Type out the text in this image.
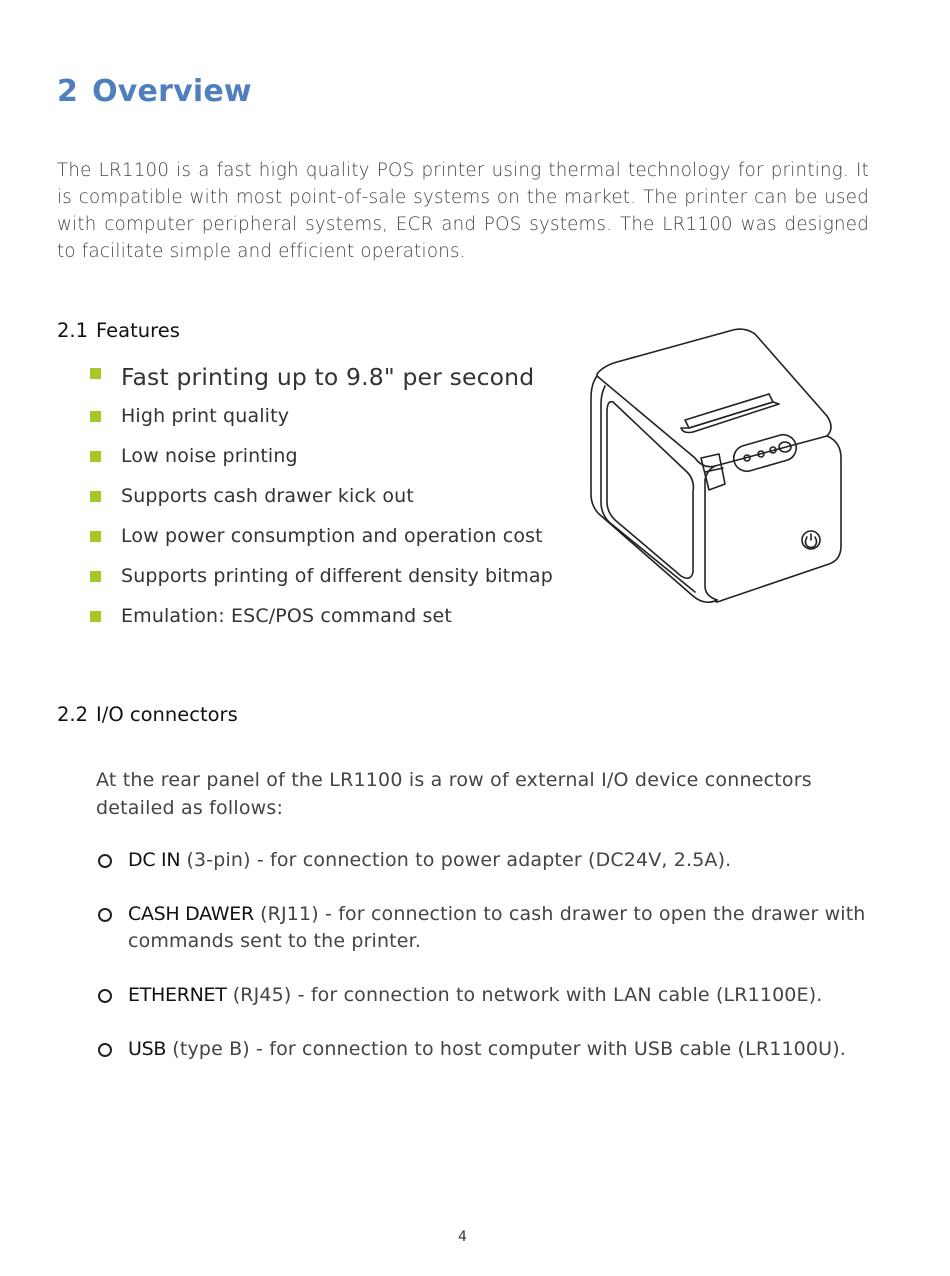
2 Overview

The LR1100 is a fast high quality POS printer using thermal technology for printing. It is compatible with most point-of-sale systems on the market. The printer can be used with computer peripheral systems, ECR and POS systems. The LR1100 was designed to facilitate simple and efficient operations.

2.1 Features
Fast printing up to 9.8" per second
High print quality
Low noise printing
Supports cash drawer kick out
Low power consumption and operation cost
Supports printing of different density bitmap
Emulation: ESC/POS command set
2.2 I/O connectors

At the rear panel of the LR1100 is a row of external I/O device connectors detailed as follows:

DC IN (3-pin) - for connection to power adapter (DC24V, 2.5A).
CASH DAWER (RJ11) - for connection to cash drawer to open the drawer with commands sent to the printer.
ETHERNET (RJ45) - for connection to network with LAN cable (LR1100E).
USB (type B) - for connection to host computer with USB cable (LR1100U).
4
